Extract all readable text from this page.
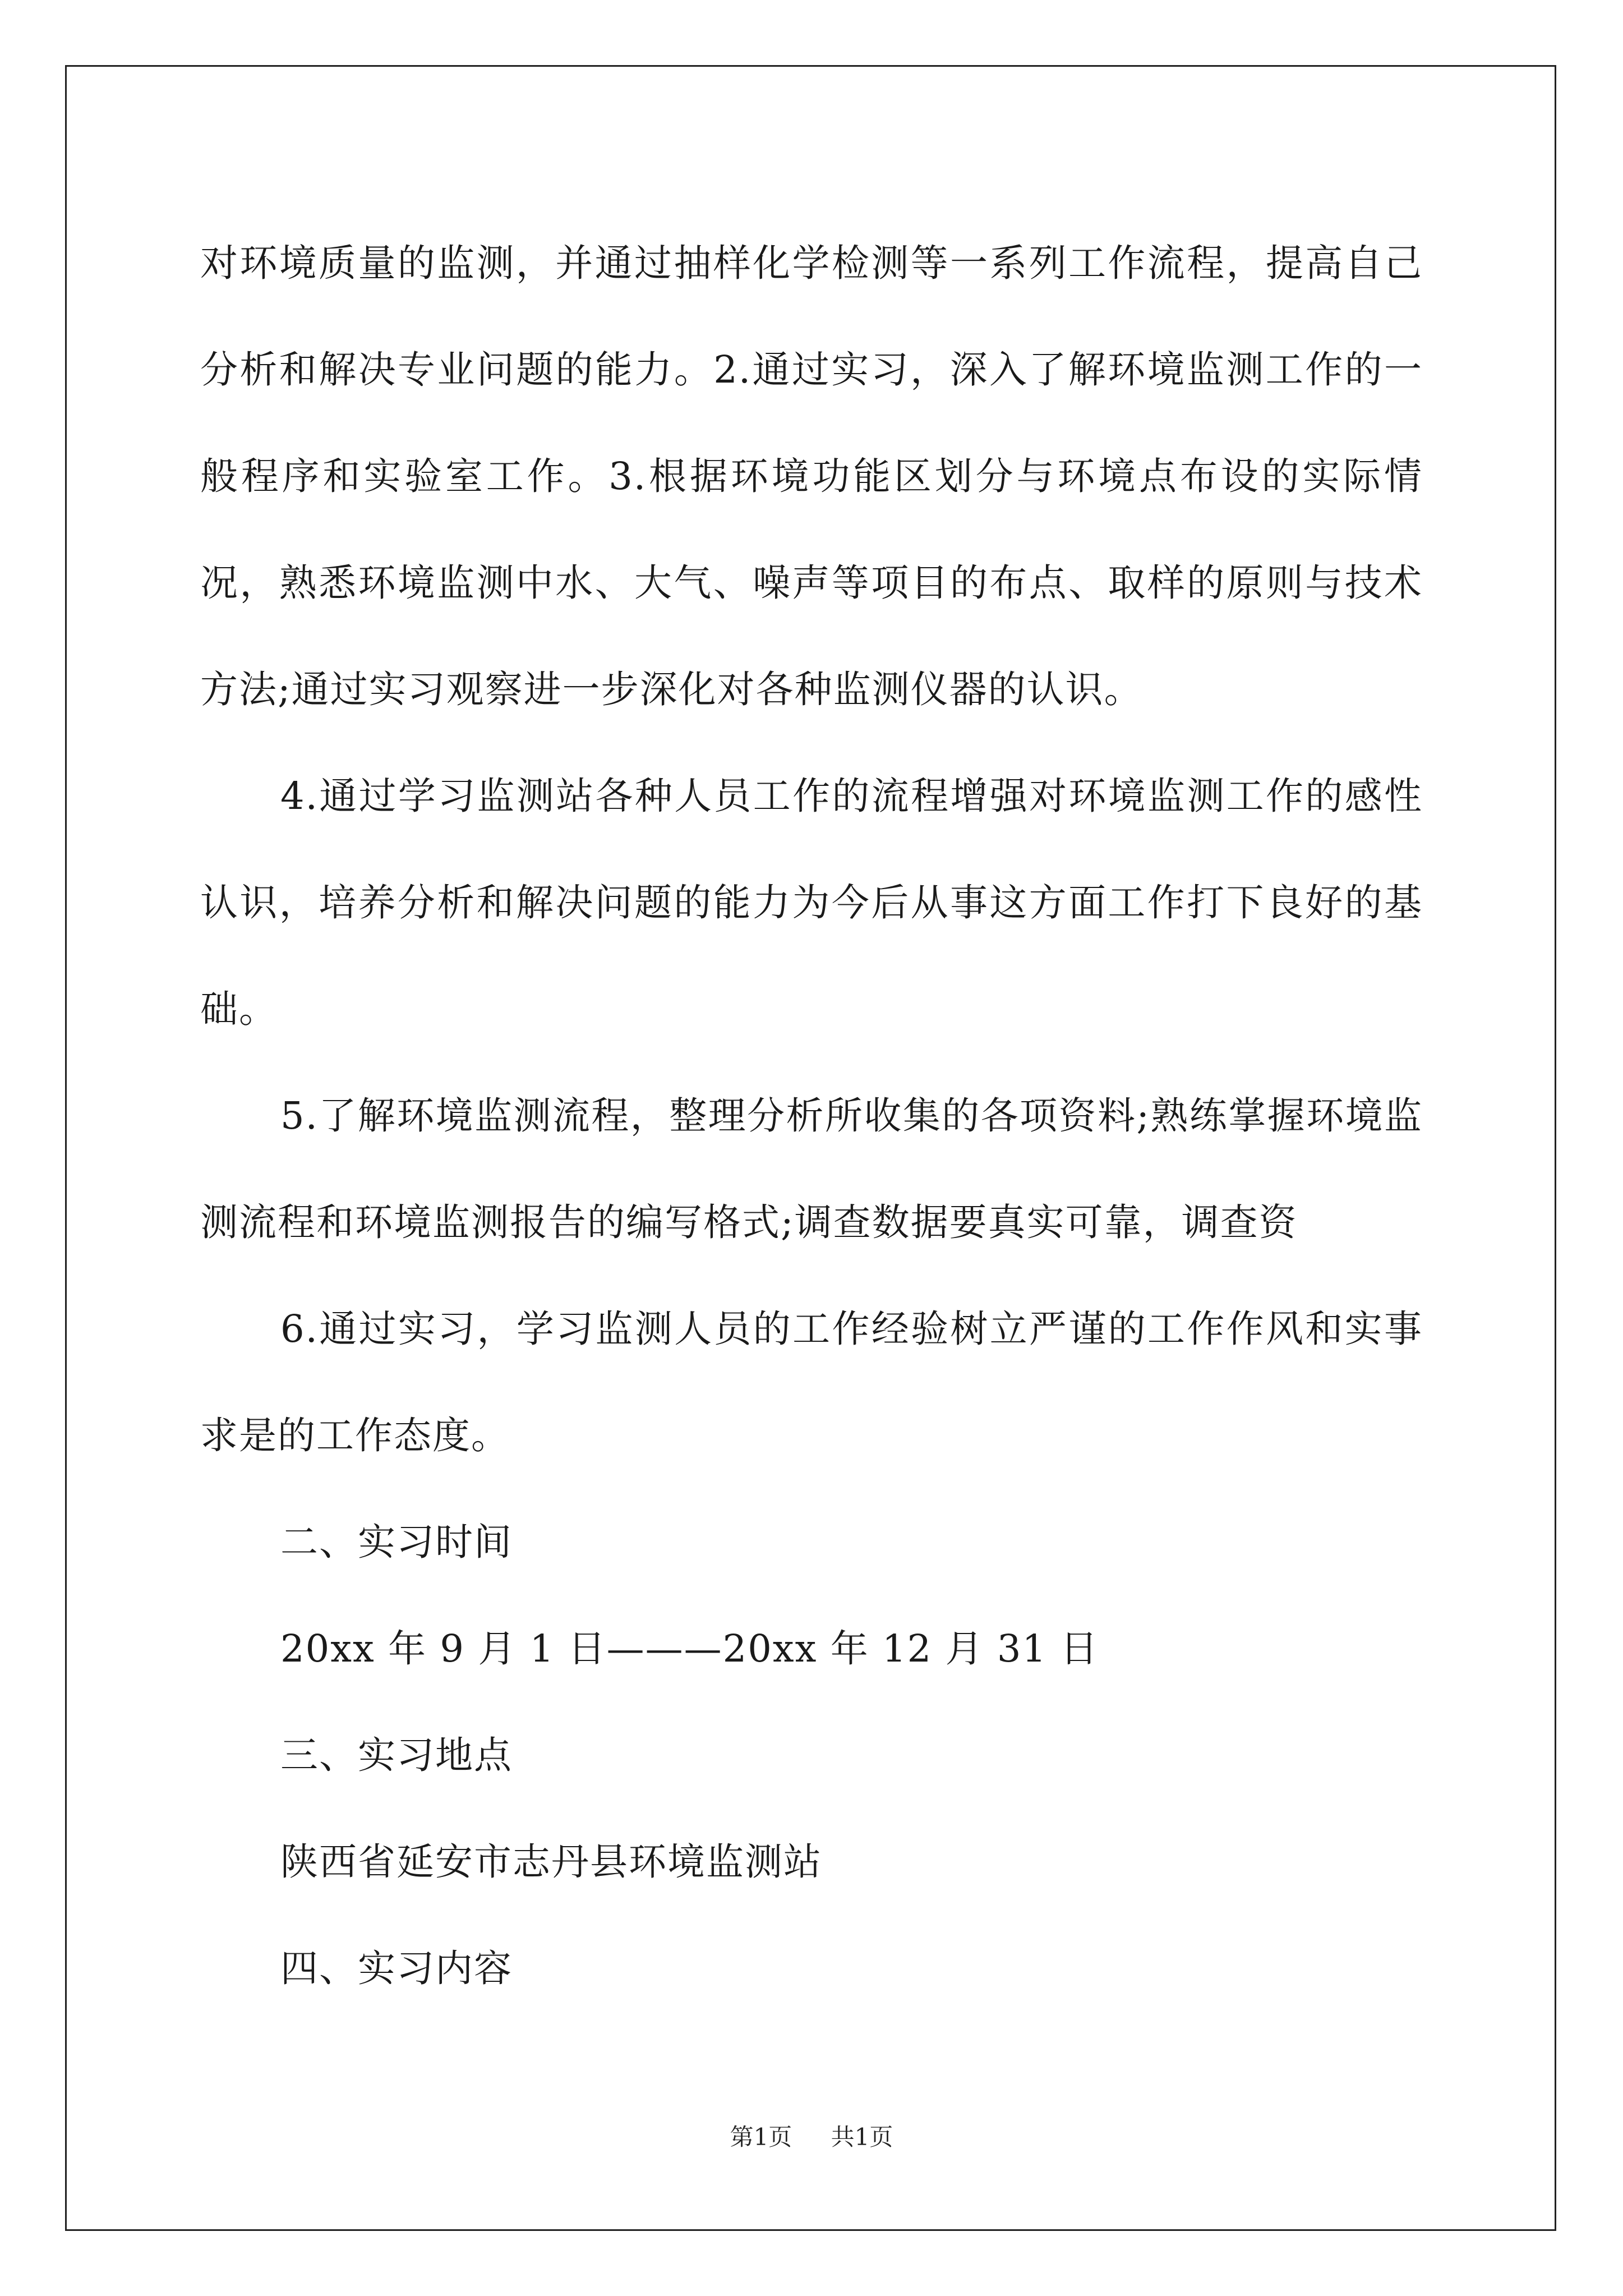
对环境质量的监测，并通过抽样化学检测等一系列工作流程，提高自己分析和解决专业问题的能力。2.通过实习，深入了解环境监测工作的一般程序和实验室工作。3.根据环境功能区划分与环境点布设的实际情况，熟悉环境监测中水、大气、噪声等项目的布点、取样的原则与技术方法;通过实习观察进一步深化对各种监测仪器的认识。

4.通过学习监测站各种人员工作的流程增强对环境监测工作的感性认识，培养分析和解决问题的能力为今后从事这方面工作打下良好的基础。

5.了解环境监测流程，整理分析所收集的各项资料;熟练掌握环境监测流程和环境监测报告的编写格式;调查数据要真实可靠，调查资

6.通过实习，学习监测人员的工作经验树立严谨的工作作风和实事求是的工作态度。

二、实习时间

20xx 年 9 月 1 日———20xx 年 12 月 31 日

三、实习地点

陕西省延安市志丹县环境监测站

四、实习内容

第1页 共1页
